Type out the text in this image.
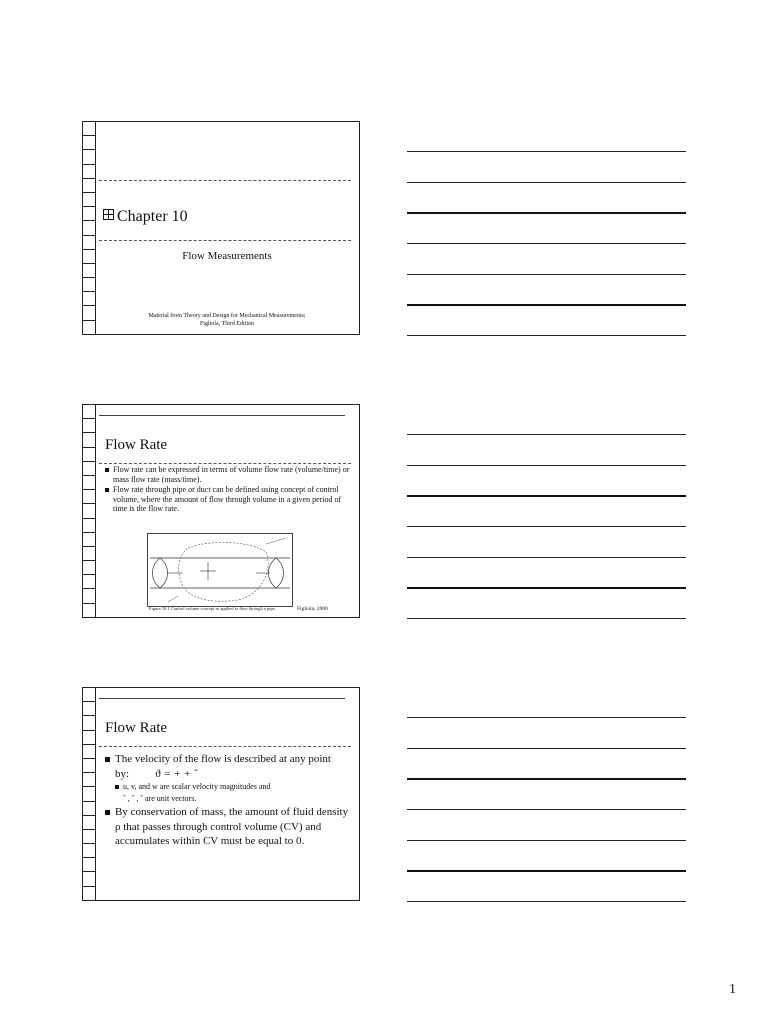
Chapter 10
Flow Measurements
Material from Theory and Design for Mechanical Measurements;
Figliola, Third Edition
Flow Rate
Flow rate can be expressed in terms of volume flow rate (volume/time) or mass flow rate (mass/time).
Flow rate through pipe or duct can be defined using concept of control volume, where the amount of flow through volume in a given period of time is the flow rate.
Figure 10.1 Control volume concept as applied to flow through a pipe.	Figliola, 2000
Flow Rate
The velocity of the flow is described at any point by: ϑ = + + ˆ
u, v, and w are scalar velocity magnitudes and
ˆ , ˆ , ˆ are unit vectors.
By conservation of mass, the amount of fluid density ρ that passes through control volume (CV) and accumulates within CV must be equal to 0.
1
